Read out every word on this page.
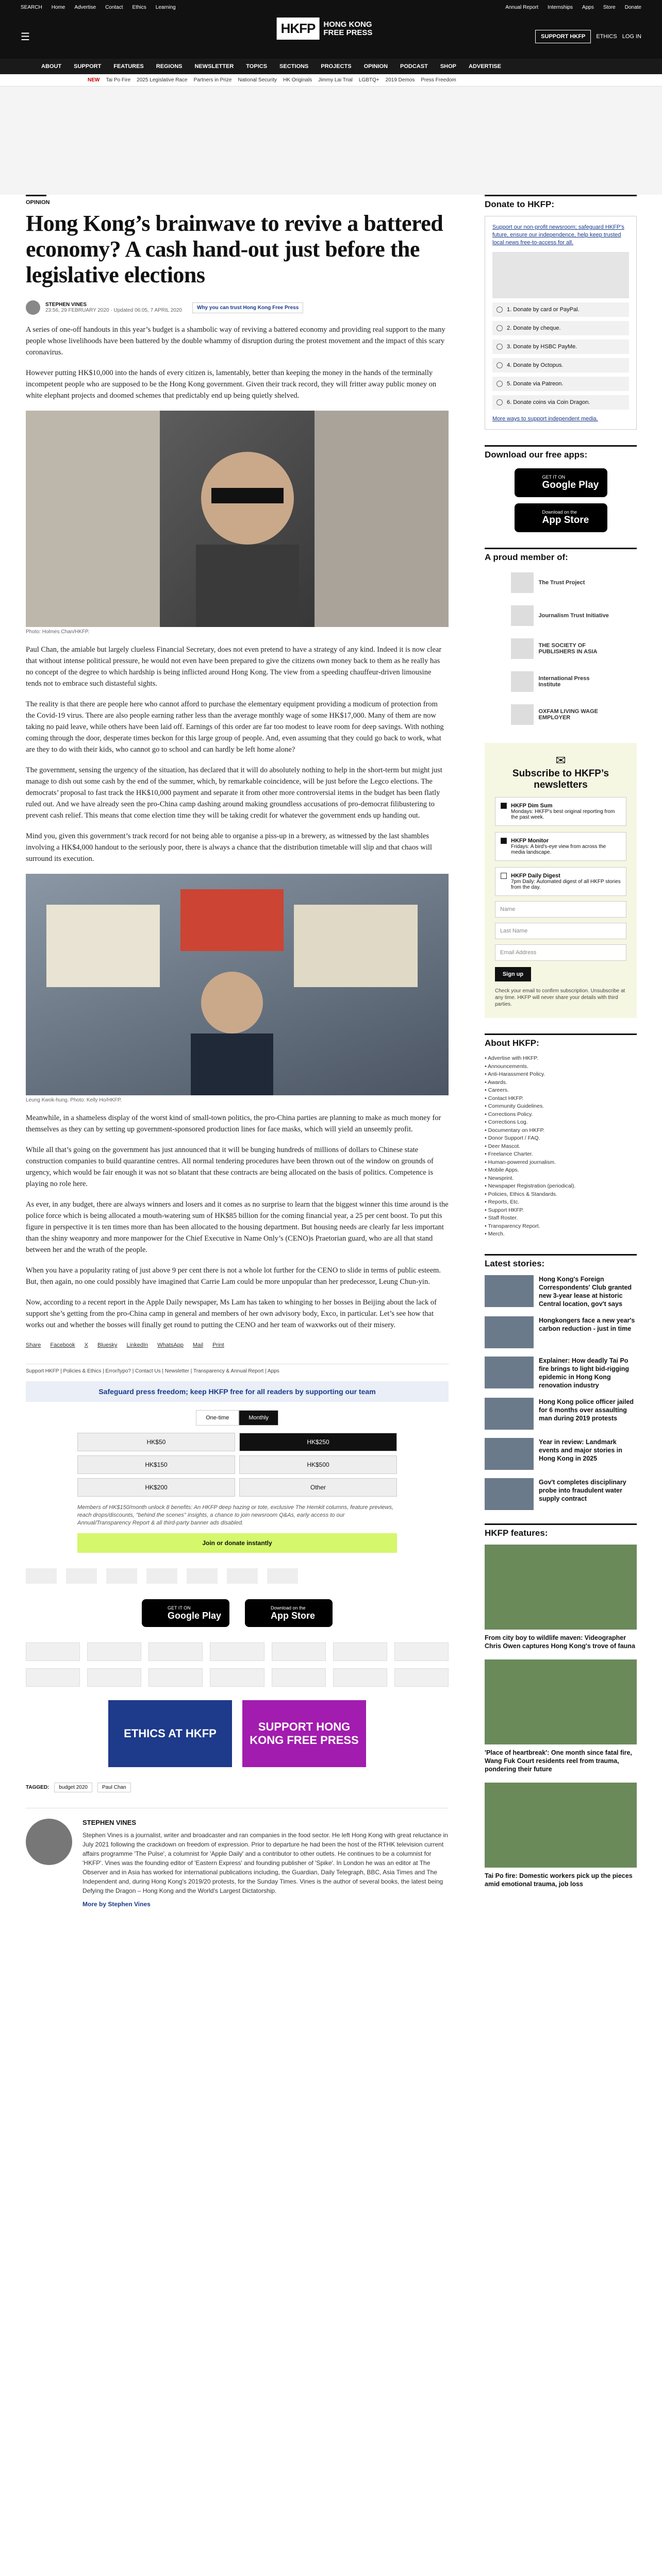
SEARCH Home Advertise Contact Ethics Learning	Annual Report Internships Apps Store Donate
☰
HKFP	HONG KONG FREE PRESS	SUPPORT HKFP	ETHICS LOG IN
ABOUT SUPPORT FEATURES REGIONS NEWSLETTER TOPICS SECTIONS PROJECTS OPINION PODCAST SHOP ADVERTISE
NEW Tai Po Fire 2025 Legislative Race Partners in Prize National Security HK Originals Jimmy Lai Trial LGBTQ+ 2019 Demos Press Freedom
OPINION
Hong Kong’s brainwave to revive a battered economy? A cash hand-out just before the legislative elections
STEPHEN VINES
23:56, 29 FEBRUARY 2020 · Updated 06:05, 7 APRIL 2020	Why you can trust Hong Kong Free Press

A series of one-off handouts in this year’s budget is a shambolic way of reviving a battered economy and providing real support to the many people whose livelihoods have been battered by the double whammy of disruption during the protest movement and the impact of this scary coronavirus.

However putting HK$10,000 into the hands of every citizen is, lamentably, better than keeping the money in the hands of the terminally incompetent people who are supposed to be the Hong Kong government. Given their track record, they will fritter away public money on white elephant projects and doomed schemes that predictably end up being quietly shelved.

Photo: Holmes Chan/HKFP.

Paul Chan, the amiable but largely clueless Financial Secretary, does not even pretend to have a strategy of any kind. Indeed it is now clear that without intense political pressure, he would not even have been prepared to give the citizens own money back to them as he really has no concept of the degree to which hardship is being inflicted around Hong Kong. The view from a speeding chauffeur-driven limousine tends not to embrace such distasteful sights.

The reality is that there are people here who cannot afford to purchase the elementary equipment providing a modicum of protection from the Covid-19 virus. There are also people earning rather less than the average monthly wage of some HK$17,000. Many of them are now taking no paid leave, while others have been laid off. Earnings of this order are far too modest to leave room for deep savings. With nothing coming through the door, desperate times beckon for this large group of people. And, even assuming that they could go back to work, what are they to do with their kids, who cannot go to school and can hardly be left home alone?

The government, sensing the urgency of the situation, has declared that it will do absolutely nothing to help in the short-term but might just manage to dish out some cash by the end of the summer, which, by remarkable coincidence, will be just before the Legco elections. The democrats’ proposal to fast track the HK$10,000 payment and separate it from other more controversial items in the budget has been flatly ruled out. And we have already seen the pro-China camp dashing around making groundless accusations of pro-democrat filibustering to prevent cash relief. This means that come election time they will be taking credit for whatever the government ends up handing out.

Mind you, given this government’s track record for not being able to organise a piss-up in a brewery, as witnessed by the last shambles involving a HK$4,000 handout to the seriously poor, there is always a chance that the distribution timetable will slip and that chaos will surround its execution.

Leung Kwok-hung. Photo: Kelly Ho/HKFP.

Meanwhile, in a shameless display of the worst kind of small-town politics, the pro-China parties are planning to make as much money for themselves as they can by setting up government-sponsored production lines for face masks, which will yield an unseemly profit.

While all that’s going on the government has just announced that it will be bunging hundreds of millions of dollars to Chinese state construction companies to build quarantine centres. All normal tendering procedures have been thrown out of the window on grounds of urgency, which would be fair enough it was not so blatant that these contracts are being allocated on the basis of politics. Competence is playing no role here.

As ever, in any budget, there are always winners and losers and it comes as no surprise to learn that the biggest winner this time around is the police force which is being allocated a mouth-watering sum of HK$85 billion for the coming financial year, a 25 per cent boost. To put this figure in perspective it is ten times more than has been allocated to the housing department. But housing needs are clearly far less important than the shiny weaponry and more manpower for the Chief Executive in Name Only’s (CENO)s Praetorian guard, who are all that stand between her and the wrath of the people.

When you have a popularity rating of just above 9 per cent there is not a whole lot further for the CENO to slide in terms of public esteem. But, then again, no one could possibly have imagined that Carrie Lam could be more unpopular than her predecessor, Leung Chun-yin.

Now, according to a recent report in the Apple Daily newspaper, Ms Lam has taken to whinging to her bosses in Beijing about the lack of support she’s getting from the pro-China camp in general and members of her own advisory body, Exco, in particular. Let’s see how that works out and whether the bosses will finally get round to putting the CENO and her team of waxworks out of their misery.

Share Facebook X Bluesky LinkedIn WhatsApp Mail Print
Support HKFP | Policies & Ethics | Error/typo? | Contact Us | Newsletter | Transparency & Annual Report | Apps
Safeguard press freedom; keep HKFP free for all readers by supporting our team
One-time	Monthly
HK$50	HK$250
HK$150	HK$500
HK$200	Other
Members of HK$150/month unlock 8 benefits: An HKFP deep hazing or tote, exclusive The Hemkit columns, feature previews, reach drops/discounts, "behind the scenes" insights, a chance to join newsroom Q&As, early access to our Annual/Transparency Report & all third-party banner ads disabled.
Join or donate instantly
GET IT ON
Google Play
Download on the
App Store
ETHICS AT HKFP
SUPPORT HONG KONG FREE PRESS
TAGGED:	budget 2020	Paul Chan
STEPHEN VINES

Stephen Vines is a journalist, writer and broadcaster and ran companies in the food sector. He left Hong Kong with great reluctance in July 2021 following the crackdown on freedom of expression. Prior to departure he had been the host of the RTHK television current affairs programme 'The Pulse', a columnist for 'Apple Daily' and a contributor to other outlets. He continues to be a columnist for 'HKFP'. Vines was the founding editor of 'Eastern Express' and founding publisher of 'Spike'. In London he was an editor at The Observer and in Asia has worked for international publications including, the Guardian, Daily Telegraph, BBC, Asia Times and The Independent and, during Hong Kong's 2019/20 protests, for the Sunday Times. Vines is the author of several books, the latest being Defying the Dragon – Hong Kong and the World's Largest Dictatorship.

More by Stephen Vines

Donate to HKFP:

Support our non-profit newsroom; safeguard HKFP's future, ensure our independence, help keep trusted local news free-to-access for all.

1. Donate by card or PayPal.
2. Donate by cheque.
3. Donate by HSBC PayMe.
4. Donate by Octopus.
5. Donate via Patreon.
6. Donate coins via Coin Dragon.
More ways to support independent media.
Download our free apps:
GET IT ON
Google Play
Download on the
App Store
A proud member of:
The Trust Project
Journalism Trust Initiative
THE SOCIETY OF PUBLISHERS IN ASIA
International Press Institute
OXFAM LIVING WAGE EMPLOYER
✉
Subscribe to HKFP’s newsletters
HKFP Dim Sum
Mondays: HKFP's best original reporting from the past week.
HKFP Monitor
Fridays: A bird's-eye view from across the media landscape.
HKFP Daily Digest
7pm Daily: Automated digest of all HKFP stories from the day.
Name
Last Name
Email Address
Sign up
Check your email to confirm subscription. Unsubscribe at any time. HKFP will never share your details with third parties.
About HKFP:
• Advertise with HKFP.
• Announcements.
• Anti-Harassment Policy.
• Awards.
• Careers.
• Contact HKFP.
• Community Guidelines.
• Corrections Policy.
• Corrections Log.
• Documentary on HKFP.
• Donor Support / FAQ.
• Deer Mascot.
• Freelance Charter.
• Human-powered journalism.
• Mobile Apps.
• Newsprint.
• Newspaper Registration (periodical).
• Policies, Ethics & Standards.
• Reports, Etc.
• Support HKFP.
• Staff Roster.
• Transparency Report.
• Merch.
Latest stories:
Hong Kong's Foreign Correspondents' Club granted new 3-year lease at historic Central location, gov't says
Hongkongers face a new year's carbon reduction - just in time
Explainer: How deadly Tai Po fire brings to light bid-rigging epidemic in Hong Kong renovation industry
Hong Kong police officer jailed for 6 months over assaulting man during 2019 protests
Year in review: Landmark events and major stories in Hong Kong in 2025
Gov't completes disciplinary probe into fraudulent water supply contract
HKFP features:
From city boy to wildlife maven: Videographer Chris Owen captures Hong Kong's trove of fauna
'Place of heartbreak': One month since fatal fire, Wang Fuk Court residents reel from trauma, pondering their future
Tai Po fire: Domestic workers pick up the pieces amid emotional trauma, job loss
